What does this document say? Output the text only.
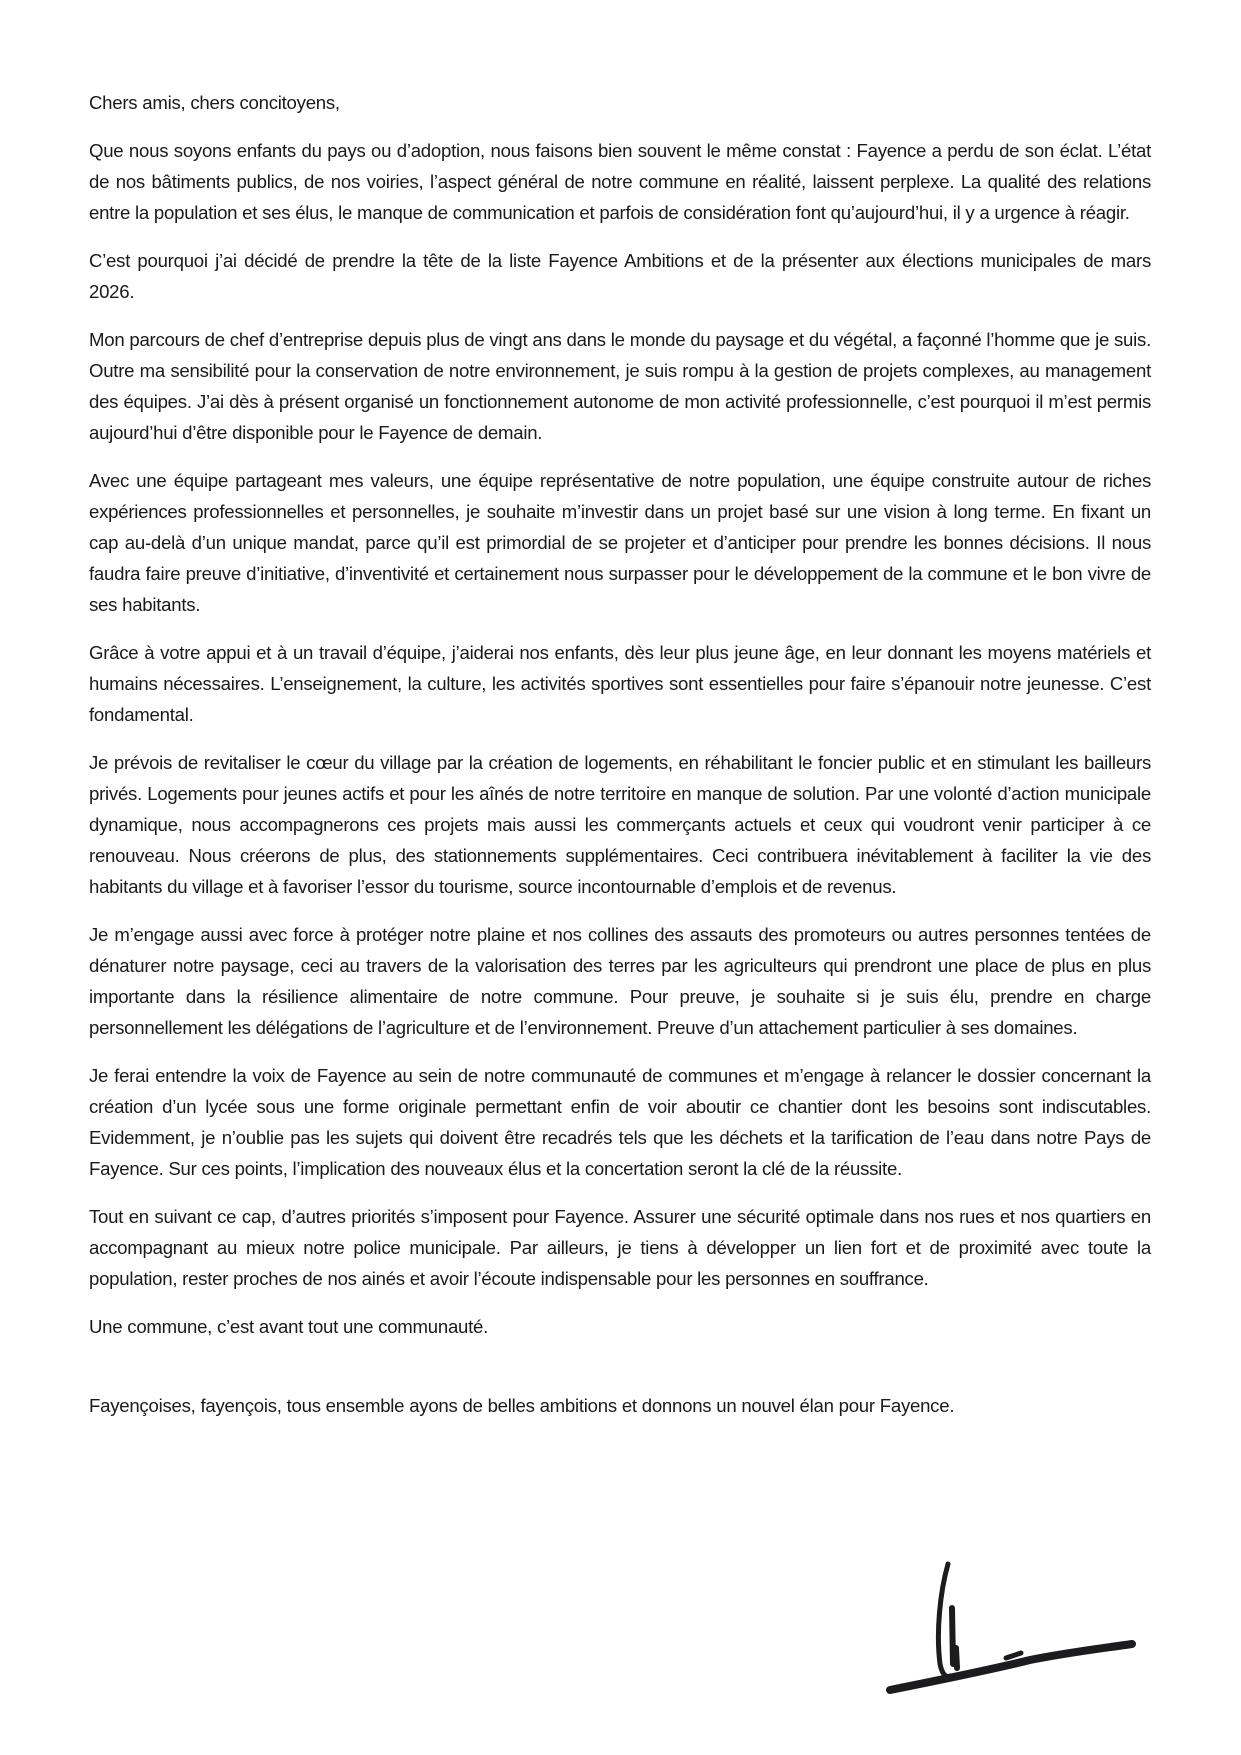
Chers amis, chers concitoyens,

Que nous soyons enfants du pays ou d’adoption, nous faisons bien souvent le même constat : Fayence a perdu de son éclat. L’état de nos bâtiments publics, de nos voiries, l’aspect général de notre commune en réalité, laissent perplexe. La qualité des relations entre la population et ses élus, le manque de communication et parfois de considération font qu’aujourd’hui, il y a urgence à réagir.

C’est pourquoi j’ai décidé de prendre la tête de la liste Fayence Ambitions et de la présenter aux élections municipales de mars 2026.

Mon parcours de chef d’entreprise depuis plus de vingt ans dans le monde du paysage et du végétal, a façonné l’homme que je suis. Outre ma sensibilité pour la conservation de notre environnement, je suis rompu à la gestion de projets complexes, au management des équipes. J’ai dès à présent organisé un fonctionnement autonome de mon activité professionnelle, c’est pourquoi il m’est permis aujourd’hui d’être disponible pour le Fayence de demain.

Avec une équipe partageant mes valeurs, une équipe représentative de notre population, une équipe construite autour de riches expériences professionnelles et personnelles, je souhaite m’investir dans un projet basé sur une vision à long terme. En fixant un cap au-delà d’un unique mandat, parce qu’il est primordial de se projeter et d’anticiper pour prendre les bonnes décisions. Il nous faudra faire preuve d’initiative, d’inventivité et certainement nous surpasser pour le développement de la commune et le bon vivre de ses habitants.

Grâce à votre appui et à un travail d’équipe, j’aiderai nos enfants, dès leur plus jeune âge, en leur donnant les moyens matériels et humains nécessaires. L’enseignement, la culture, les activités sportives sont essentielles pour faire s’épanouir notre jeunesse. C’est fondamental.

Je prévois de revitaliser le cœur du village par la création de logements, en réhabilitant le foncier public et en stimulant les bailleurs privés. Logements pour jeunes actifs et pour les aînés de notre territoire en manque de solution. Par une volonté d’action municipale dynamique, nous accompagnerons ces projets mais aussi les commerçants actuels et ceux qui voudront venir participer à ce renouveau. Nous créerons de plus, des stationnements supplémentaires. Ceci contribuera inévitablement à faciliter la vie des habitants du village et à favoriser l’essor du tourisme, source incontournable d’emplois et de revenus.

Je m’engage aussi avec force à protéger notre plaine et nos collines des assauts des promoteurs ou autres personnes tentées de dénaturer notre paysage, ceci au travers de la valorisation des terres par les agriculteurs qui prendront une place de plus en plus importante dans la résilience alimentaire de notre commune. Pour preuve, je souhaite si je suis élu, prendre en charge personnellement les délégations de l’agriculture et de l’environnement. Preuve d’un attachement particulier à ses domaines.

Je ferai entendre la voix de Fayence au sein de notre communauté de communes et m’engage à relancer le dossier concernant la création d’un lycée sous une forme originale permettant enfin de voir aboutir ce chantier dont les besoins sont indiscutables. Evidemment, je n’oublie pas les sujets qui doivent être recadrés tels que les déchets et la tarification de l’eau dans notre Pays de Fayence. Sur ces points, l’implication des nouveaux élus et la concertation seront la clé de la réussite.

Tout en suivant ce cap, d’autres priorités s’imposent pour Fayence. Assurer une sécurité optimale dans nos rues et nos quartiers en accompagnant au mieux notre police municipale. Par ailleurs, je tiens à développer un lien fort et de proximité avec toute la population, rester proches de nos ainés et avoir l’écoute indispensable pour les personnes en souffrance.

Une commune, c’est avant tout une communauté.

Fayençoises, fayençois, tous ensemble ayons de belles ambitions et donnons un nouvel élan pour Fayence.
